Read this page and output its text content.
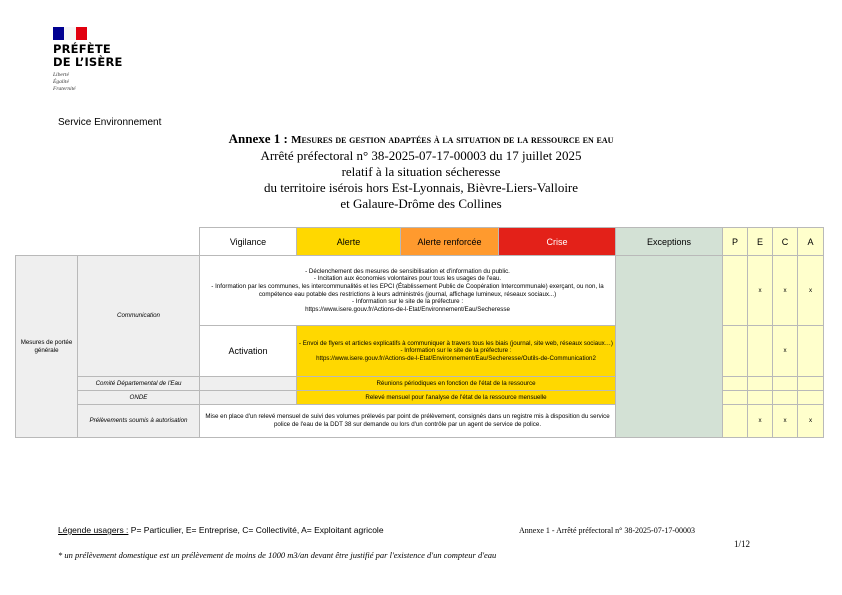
PRÉFÈTE
DE L’ISÈRE
Liberté
Égalité
Fraternité
Service Environnement
Annexe 1 : Mesures de gestion adaptées à la situation de la ressource en eau
Arrêté préfectoral n° 38-2025-07-17-00003 du 17 juillet 2025
relatif à la situation sécheresse
du territoire isérois hors Est-Lyonnais, Bièvre-Liers-Valloire
et Galaure-Drôme des Collines
		Vigilance	Alerte	Alerte renforcée	Crise	Exceptions	P	E	C	A
Mesures de portée générale	Communication	- Déclenchement des mesures de sensibilisation et d'information du public.
- Incitation aux économies volontaires pour tous les usages de l'eau.
- Information par les communes, les intercommunalités et les EPCI (Établissement Public de Coopération Intercommunale) exerçant, ou non, la compétence eau potable des restrictions à leurs administrés (journal, affichage lumineux, réseaux sociaux...)
- Information sur le site de la préfecture :
https://www.isere.gouv.fr/Actions-de-l-Etat/Environnement/Eau/Secheresse						x	x	x
		Activation	- Envoi de flyers et articles explicatifs à communiquer à travers tous les biais (journal, site web, réseaux sociaux…)
- Information sur le site de la préfecture :
https://www.isere.gouv.fr/Actions-de-l-Etat/Environnement/Eau/Secheresse/Outils-de-Communication2						x	
	Comité Départemental de l'Eau		Réunions périodiques en fonction de l'état de la ressource							
	ONDE		Relevé mensuel pour l'analyse de l'état de la ressource mensuelle							
	Prélèvements soumis à autorisation	Mise en place d'un relevé mensuel de suivi des volumes prélevés par point de prélèvement, consignés dans un registre mis à disposition du service police de l'eau de la DDT 38 sur demande ou lors d'un contrôle par un agent de service de police.						x	x	x
Légende usagers : P= Particulier, E= Entreprise, C= Collectivité, A= Exploitant agricole	Annexe 1 - Arrêté préfectoral n° 38-2025-07-17-00003
1/12
* un prélèvement domestique est un prélèvement de moins de 1000 m3/an devant être justifié par l'existence d'un compteur d'eau
